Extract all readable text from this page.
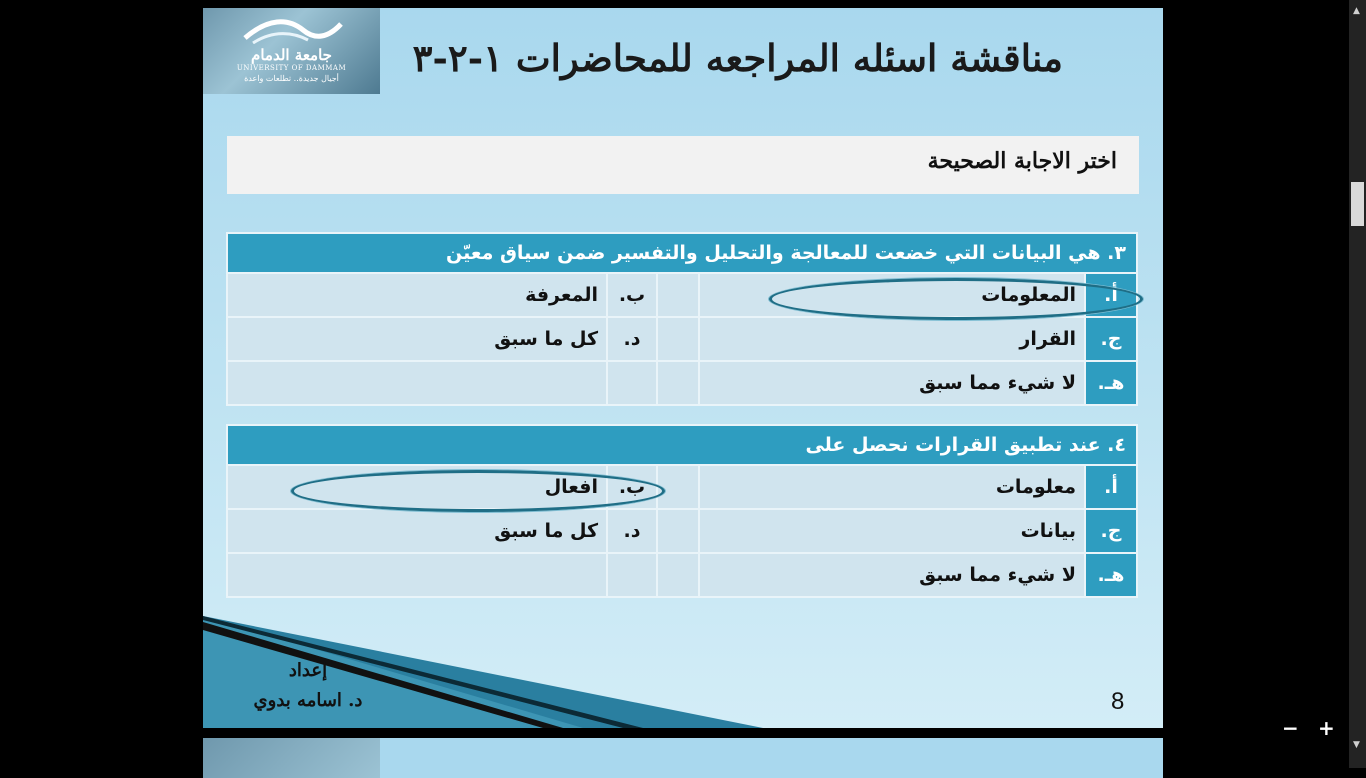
جامعة الدمام
UNIVERSITY OF DAMMAM
أجيال جديدة.. تطلعات واعدة	مناقشة اسئله المراجعه للمحاضرات ١-٢-٣
اختر الاجابة الصحيحة
٣. هي البيانات التي خضعت للمعالجة والتحليل والتفسير ضمن سياق معيّن
أ.	المعلومات		ب.	المعرفة
ج.	القرار		د.	كل ما سبق
هـ.	لا شيء مما سبق			
٤. عند تطبيق القرارات نحصل على
أ.	معلومات		ب.	افعال
ج.	بيانات		د.	كل ما سبق
هـ.	لا شيء مما سبق			
إعداد
د. اسامه بدوي	8
− +
▲
▼
